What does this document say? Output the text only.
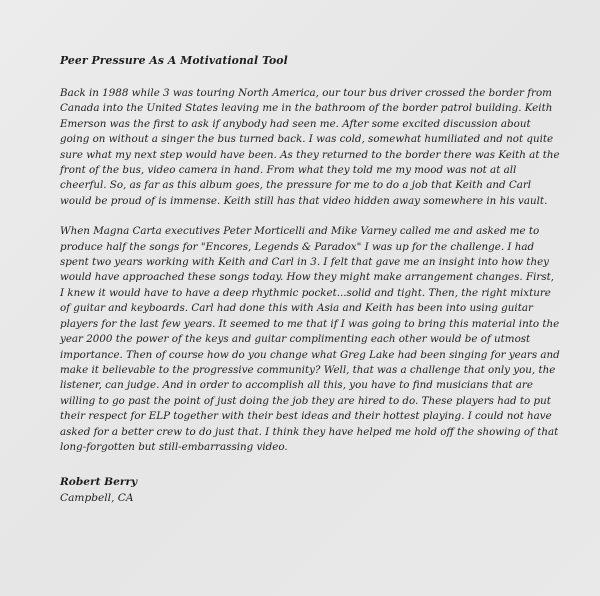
Peer Pressure As A Motivational Tool

Back in 1988 while 3 was touring North America, our tour bus driver crossed the border from Canada into the United States leaving me in the bathroom of the border patrol building. Keith Emerson was the first to ask if anybody had seen me. After some excited discussion about going on without a singer the bus turned back. I was cold, somewhat humiliated and not quite sure what my next step would have been. As they returned to the border there was Keith at the front of the bus, video camera in hand. From what they told me my mood was not at all cheerful. So, as far as this album goes, the pressure for me to do a job that Keith and Carl would be proud of is immense. Keith still has that video hidden away somewhere in his vault.

When Magna Carta executives Peter Morticelli and Mike Varney called me and asked me to produce half the songs for "Encores, Legends & Paradox" I was up for the challenge. I had spent two years working with Keith and Carl in 3. I felt that gave me an insight into how they would have approached these songs today. How they might make arrangement changes. First, I knew it would have to have a deep rhythmic pocket...solid and tight. Then, the right mixture of guitar and keyboards. Carl had done this with Asia and Keith has been into using guitar players for the last few years. It seemed to me that if I was going to bring this material into the year 2000 the power of the keys and guitar complimenting each other would be of utmost importance. Then of course how do you change what Greg Lake had been singing for years and make it believable to the progressive community? Well, that was a challenge that only you, the listener, can judge. And in order to accomplish all this, you have to find musicians that are willing to go past the point of just doing the job they are hired to do. These players had to put their respect for ELP together with their best ideas and their hottest playing. I could not have asked for a better crew to do just that. I think they have helped me hold off the showing of that long-forgotten but still-embarrassing video.

Robert Berry
Campbell, CA
